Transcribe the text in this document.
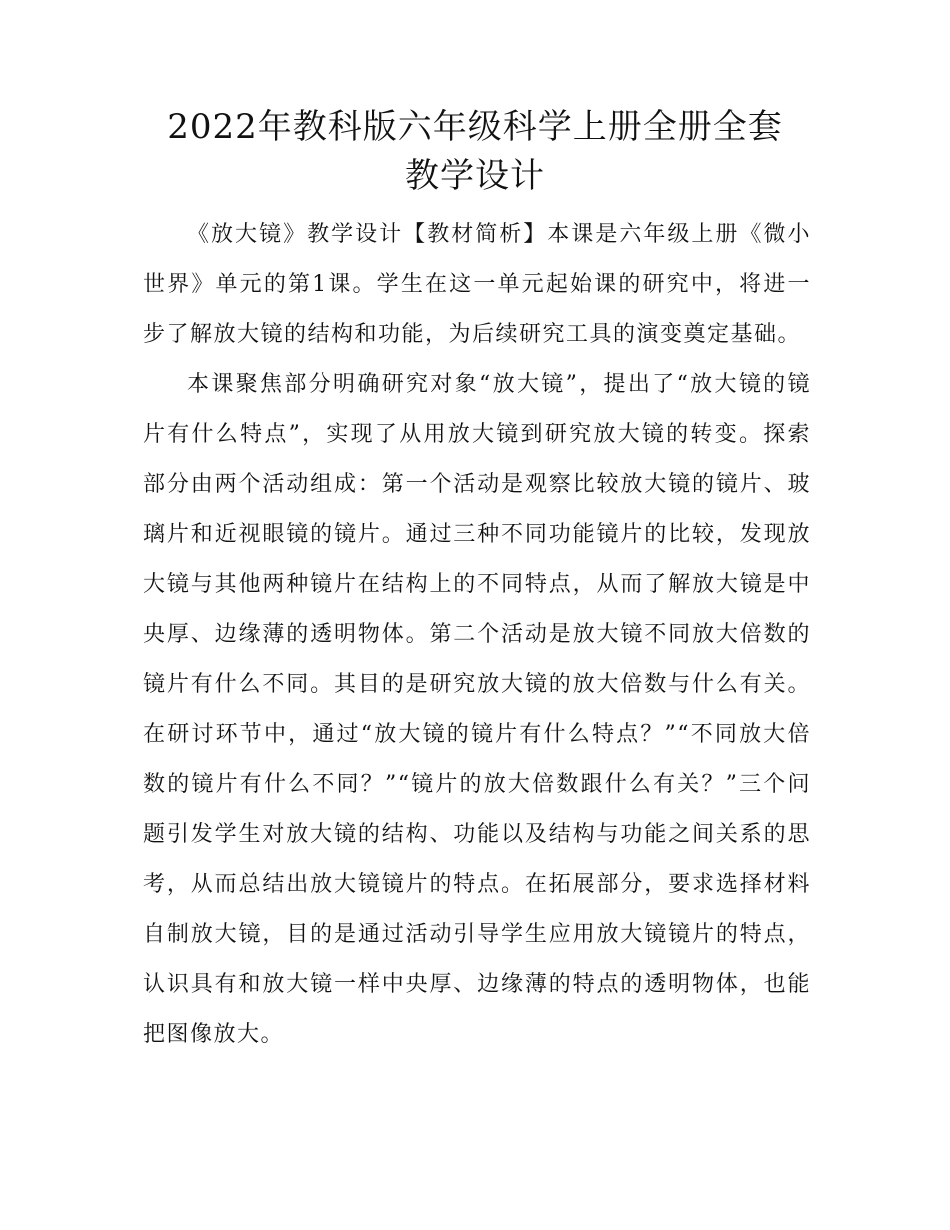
2022年教科版六年级科学上册全册全套
教学设计

《放大镜》教学设计【教材简析】本课是六年级上册《微小世界》单元的第1课。学生在这一单元起始课的研究中，将进一步了解放大镜的结构和功能，为后续研究工具的演变奠定基础。

本课聚焦部分明确研究对象“放大镜”，提出了“放大镜的镜片有什么特点”，实现了从用放大镜到研究放大镜的转变。探索部分由两个活动组成：第一个活动是观察比较放大镜的镜片、玻璃片和近视眼镜的镜片。通过三种不同功能镜片的比较，发现放大镜与其他两种镜片在结构上的不同特点，从而了解放大镜是中央厚、边缘薄的透明物体。第二个活动是放大镜不同放大倍数的镜片有什么不同。其目的是研究放大镜的放大倍数与什么有关。在研讨环节中，通过“放大镜的镜片有什么特点？”“不同放大倍数的镜片有什么不同？”“镜片的放大倍数跟什么有关？”三个问题引发学生对放大镜的结构、功能以及结构与功能之间关系的思考，从而总结出放大镜镜片的特点。在拓展部分，要求选择材料自制放大镜，目的是通过活动引导学生应用放大镜镜片的特点，认识具有和放大镜一样中央厚、边缘薄的特点的透明物体，也能把图像放大。
